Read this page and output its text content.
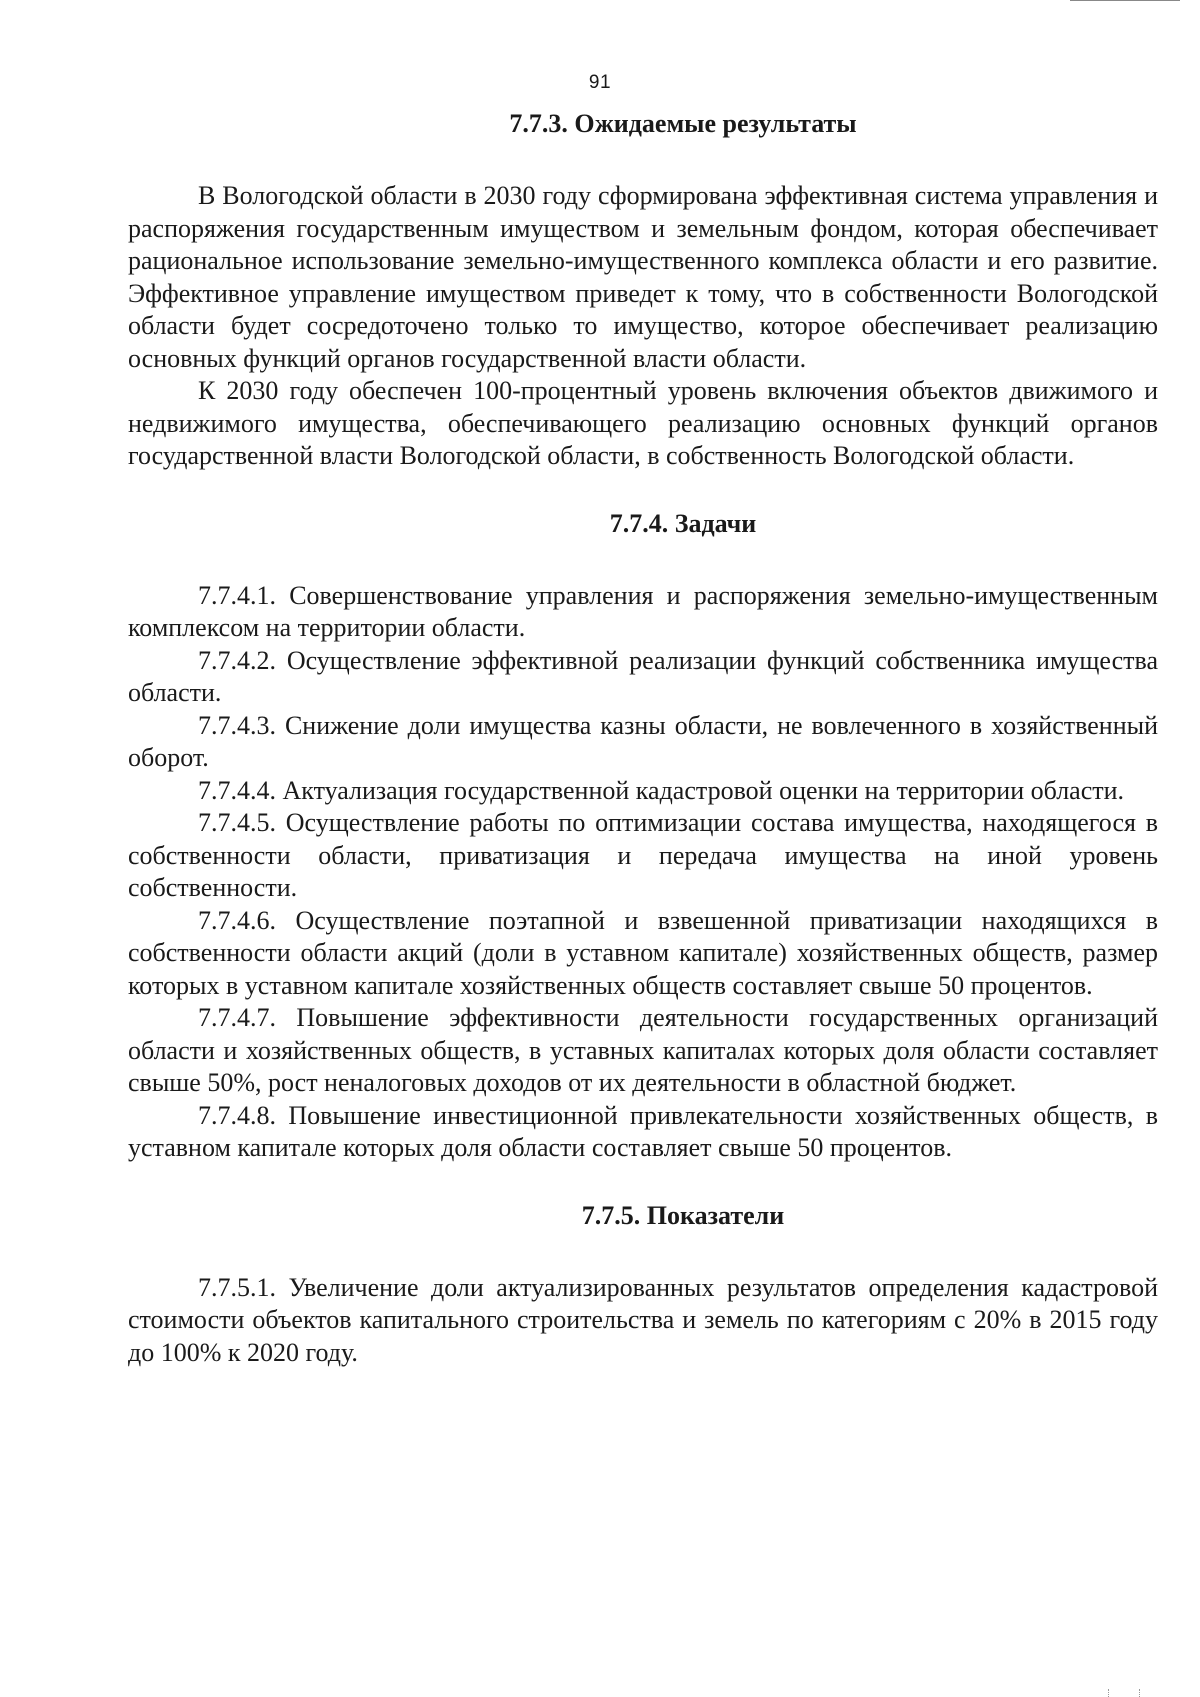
91
7.7.3. Ожидаемые результаты

В Вологодской области в 2030 году сформирована эффективная система управления и распоряжения государственным имуществом и земельным фондом, которая обеспечивает рациональное использование земельно-имущественного комплекса области и его развитие. Эффективное управление имуществом приведет к тому, что в собственности Вологодской области будет сосредоточено только то имущество, которое обеспечивает реализацию основных функций органов государственной власти области.

К 2030 году обеспечен 100-процентный уровень включения объектов движимого и недвижимого имущества, обеспечивающего реализацию основных функций органов государственной власти Вологодской области, в собственность Вологодской области.

7.7.4. Задачи

7.7.4.1. Совершенствование управления и распоряжения земельно-имущественным комплексом на территории области.

7.7.4.2. Осуществление эффективной реализации функций собственника имущества области.

7.7.4.3. Снижение доли имущества казны области, не вовлеченного в хозяйственный оборот.

7.7.4.4. Актуализация государственной кадастровой оценки на территории области.

7.7.4.5. Осуществление работы по оптимизации состава имущества, находящегося в собственности области, приватизация и передача имущества на иной уровень собственности.

7.7.4.6. Осуществление поэтапной и взвешенной приватизации находящихся в собственности области акций (доли в уставном капитале) хозяйственных обществ, размер которых в уставном капитале хозяйственных обществ составляет свыше 50 процентов.

7.7.4.7. Повышение эффективности деятельности государственных организаций области и хозяйственных обществ, в уставных капиталах которых доля области составляет свыше 50%, рост неналоговых доходов от их деятельности в областной бюджет.

7.7.4.8. Повышение инвестиционной привлекательности хозяйственных обществ, в уставном капитале которых доля области составляет свыше 50 процентов.

7.7.5. Показатели

7.7.5.1. Увеличение доли актуализированных результатов определения кадастровой стоимости объектов капитального строительства и земель по категориям с 20% в 2015 году до 100% к 2020 году.
